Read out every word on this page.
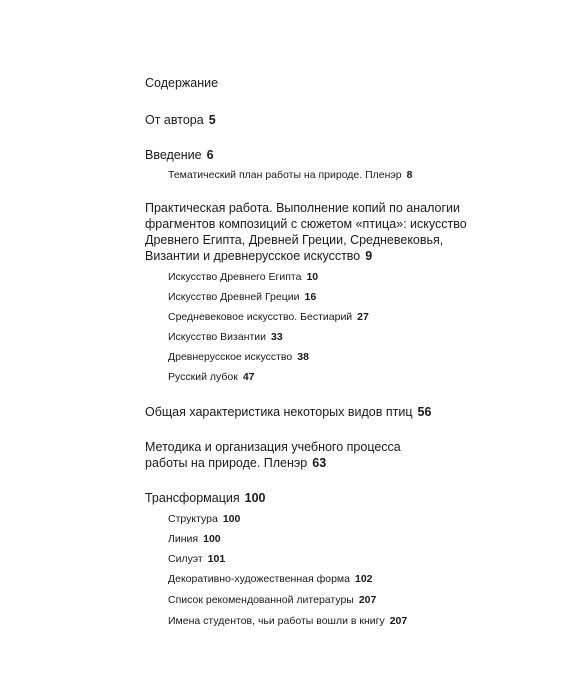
Содержание
От автора 5
Введение 6
Тематический план работы на природе. Пленэр 8
Практическая работа. Выполнение копий по аналогии фрагментов композиций с сюжетом «птица»: искусство Древнего Египта, Древней Греции, Средневековья, Византии и древнерусское искусство 9
Искусство Древнего Египта 10
Искусство Древней Греции 16
Средневековое искусство. Бестиарий 27
Искусство Византии 33
Древнерусское искусство 38
Русский лубок 47
Общая характеристика некоторых видов птиц 56
Методика и организация учебного процесса работы на природе. Пленэр 63
Трансформация 100
Структура 100
Линия 100
Силуэт 101
Декоративно-художественная форма 102
Список рекомендованной литературы 207
Имена студентов, чьи работы вошли в книгу 207
